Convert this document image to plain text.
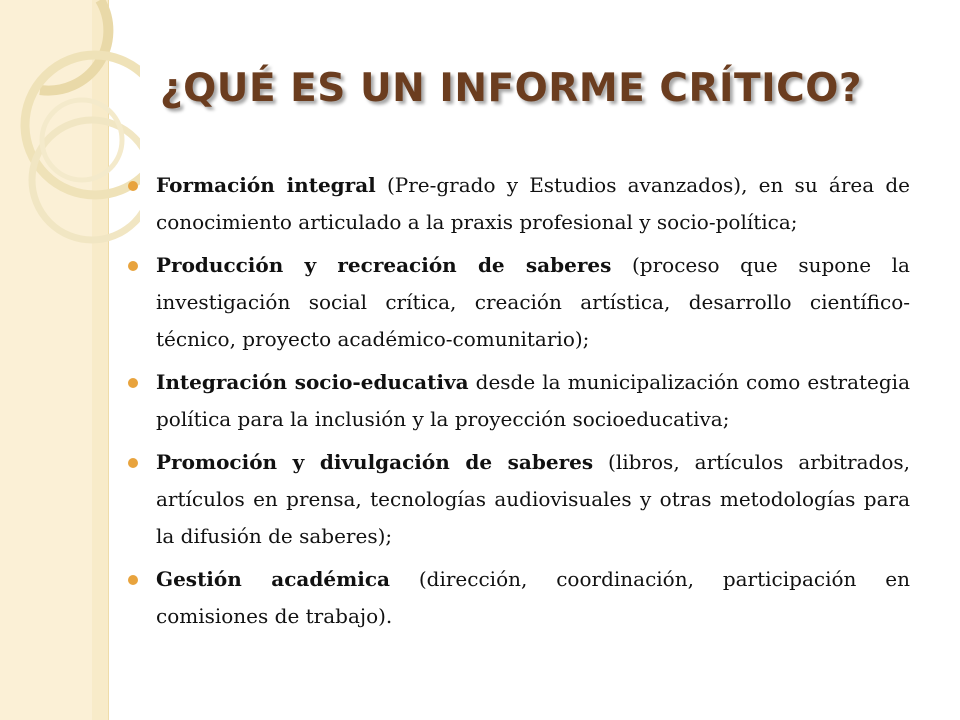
¿QUÉ ES UN INFORME CRÍTICO?
Formación integral (Pre-grado y Estudios avanzados), en su área de conocimiento articulado a la praxis profesional y socio-política;
Producción y recreación de saberes (proceso que supone la investigación social crítica, creación artística, desarrollo científico-técnico, proyecto académico-comunitario);
Integración socio-educativa desde la municipalización como estrategia política para la inclusión y la proyección socioeducativa;
Promoción y divulgación de saberes (libros, artículos arbitrados, artículos en prensa, tecnologías audiovisuales y otras metodologías para la difusión de saberes);
Gestión académica (dirección, coordinación, participación en comisiones de trabajo).
